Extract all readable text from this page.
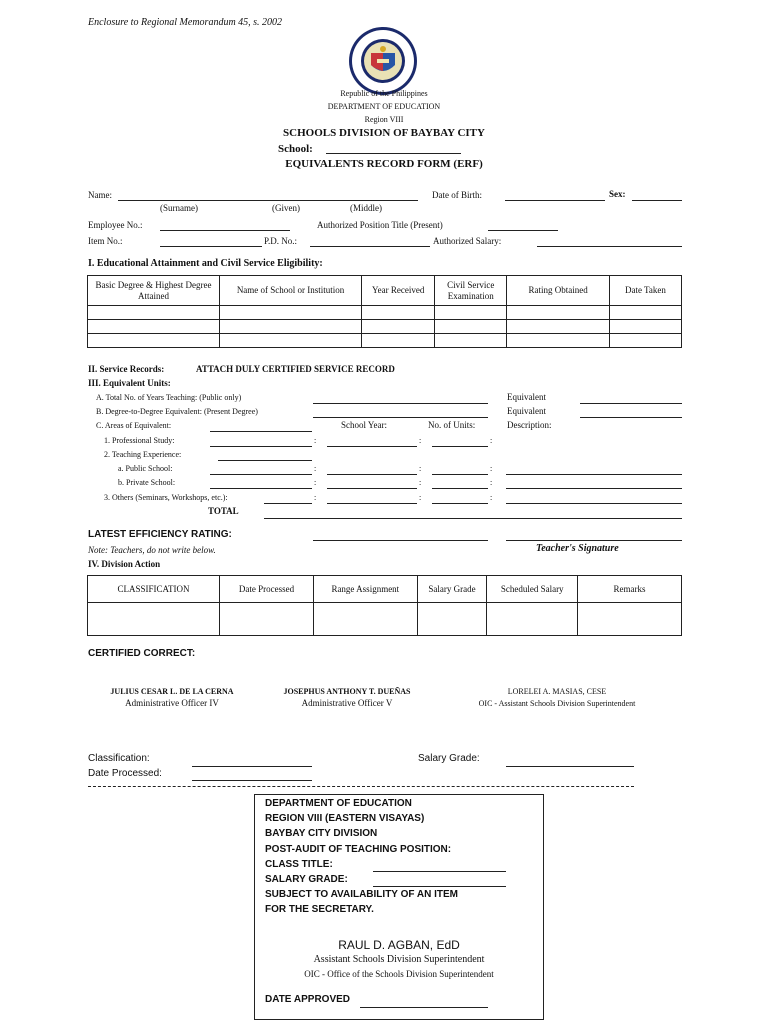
Enclosure to Regional Memorandum 45, s. 2002
Republic of the Philippines
DEPARTMENT OF EDUCATION
Region VIII
SCHOOLS DIVISION OF BAYBAY CITY
School:
EQUIVALENTS RECORD FORM (ERF)
Name:
(Surname)	(Given)	(Middle)
Date of Birth:	Sex:
Employee No.:	Authorized Position Title (Present)
Item No.:	P.D. No.:	Authorized Salary:
I. Educational Attainment and Civil Service Eligibility:
Basic Degree & Highest Degree Attained	Name of School or Institution	Year Received	Civil Service Examination	Rating Obtained	Date Taken

II. Service Records:	ATTACH DULY CERTIFIED SERVICE RECORD
III. Equivalent Units:
A. Total No. of Years Teaching: (Public only)	Equivalent
B. Degree-to-Degree Equivalent: (Present Degree)	Equivalent
C. Areas of Equivalent:	School Year:	No. of Units:	Description:
1. Professional Study:	:	:	:
2. Teaching Experience:
a. Public School:	:	:	:
b. Private School:	:	:	:
3. Others (Seminars, Workshops, etc.):	:	:	:
TOTAL
LATEST EFFICIENCY RATING:
Note: Teachers, do not write below.	Teacher's Signature
IV. Division Action
CLASSIFICATION	Date Processed	Range Assignment	Salary Grade	Scheduled Salary	Remarks

CERTIFIED CORRECT:
JULIUS CESAR L. DE LA CERNA
Administrative Officer IV
JOSEPHUS ANTHONY T. DUEÑAS
Administrative Officer V
LORELEI A. MASIAS, CESE
OIC - Assistant Schools Division Superintendent
Classification:	Salary Grade:
Date Processed:
DEPARTMENT OF EDUCATION
REGION VIII (EASTERN VISAYAS)
BAYBAY CITY DIVISION
POST-AUDIT OF TEACHING POSITION:
CLASS TITLE:
SALARY GRADE:
SUBJECT TO AVAILABILITY OF AN ITEM
FOR THE SECRETARY.
RAUL D. AGBAN, EdD
Assistant Schools Division Superintendent
OIC - Office of the Schools Division Superintendent
DATE APPROVED
